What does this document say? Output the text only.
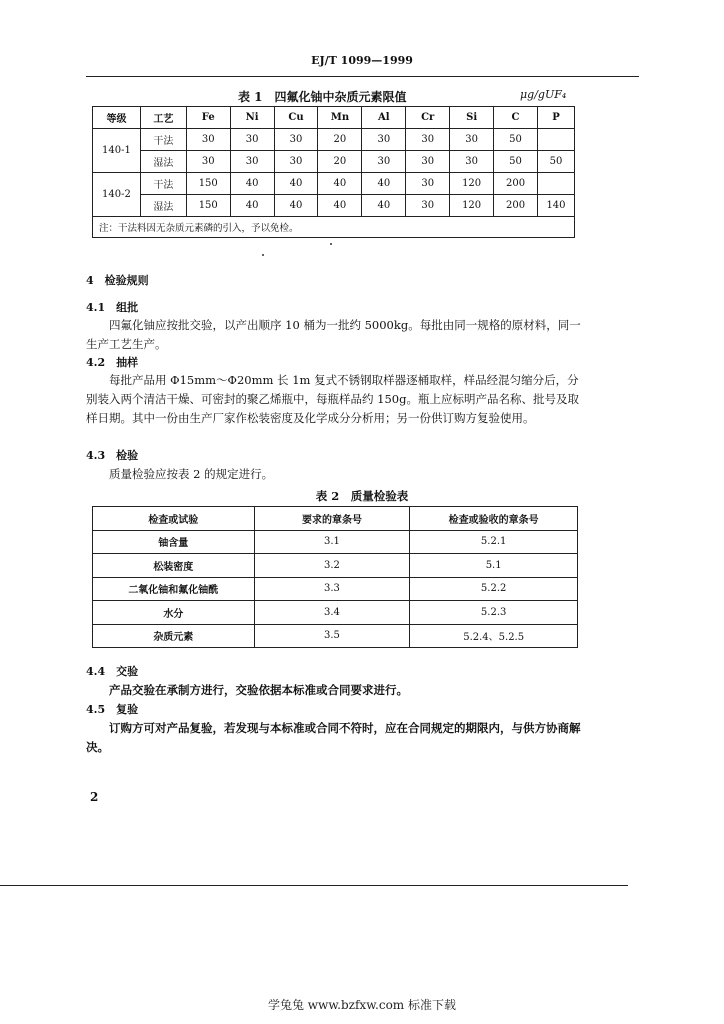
EJ/T 1099—1999
表 1　四氟化铀中杂质元素限值	μg/gUF₄
等级	工艺	Fe	Ni	Cu	Mn	Al	Cr	Si	C	P
140-1	干法	30	30	30	20	30	30	30	50	
	湿法	30	30	30	20	30	30	30	50	50
140-2	干法	150	40	40	40	40	30	120	200	
	湿法	150	40	40	40	40	30	120	200	140
注：干法料因无杂质元素磷的引入，予以免检。										
4　检验规则
4.1　组批
四氟化铀应按批交验，以产出顺序 10 桶为一批约 5000kg。每批由同一规格的原材料，同一生产工艺生产。
4.2　抽样
每批产品用 Φ15mm～Φ20mm 长 1m 复式不锈钢取样器逐桶取样，样品经混匀缩分后，分别装入两个清洁干燥、可密封的聚乙烯瓶中，每瓶样品约 150g。瓶上应标明产品名称、批号及取样日期。其中一份由生产厂家作松装密度及化学成分分析用；另一份供订购方复验使用。
4.3　检验
质量检验应按表 2 的规定进行。
表 2　质量检验表
检查或试验	要求的章条号	检查或验收的章条号
铀含量	3.1	5.2.1
松装密度	3.2	5.1
二氧化铀和氟化铀酰	3.3	5.2.2
水分	3.4	5.2.3
杂质元素	3.5	5.2.4、5.2.5
4.4　交验
产品交验在承制方进行，交验依据本标准或合同要求进行。
4.5　复验
订购方可对产品复验，若发现与本标准或合同不符时，应在合同规定的期限内，与供方协商解决。
2
学兔兔 www.bzfxw.com 标准下载
